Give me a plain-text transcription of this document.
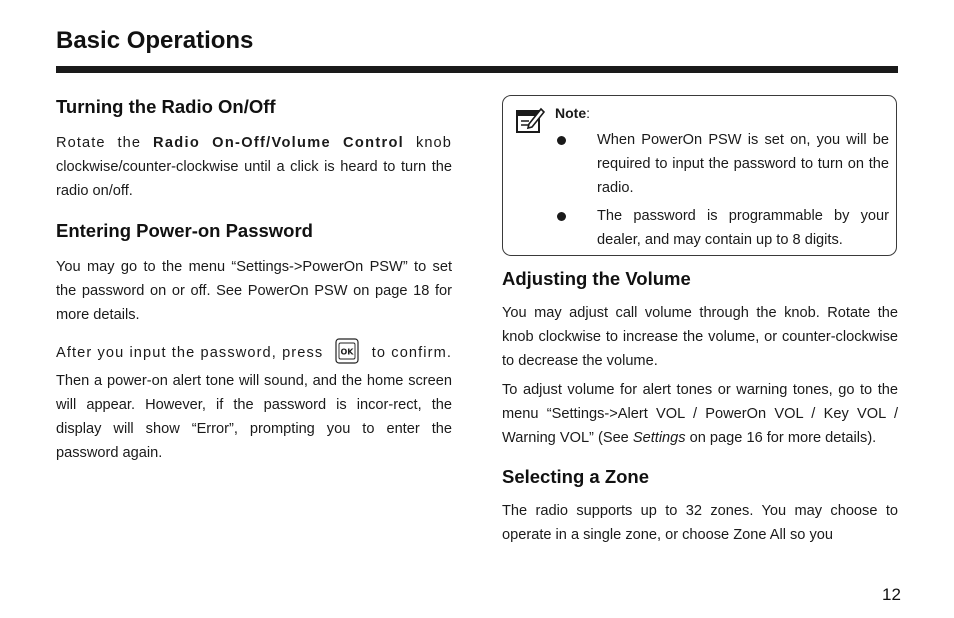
Basic Operations
Turning the Radio On/Off

Rotate the Radio On-Off/Volume Control knob clockwise/counter-clockwise until a click is heard to turn the radio on/off.

Entering Power-on Password

You may go to the menu “Settings->PowerOn PSW” to set the password on or off. See PowerOn PSW on page 18 for more details.

After you input the password, press OK to confirm.

Then a power-on alert tone will sound, and the home screen will appear. However, if the password is incor-rect, the display will show “Error”, prompting you to enter the password again.

Note:
When PowerOn PSW is set on, you will be required to input the password to turn on the radio.
The password is programmable by your dealer, and may contain up to 8 digits.
Adjusting the Volume

You may adjust call volume through the knob. Rotate the knob clockwise to increase the volume, or counter-clockwise to decrease the volume.

To adjust volume for alert tones or warning tones, go to the menu “Settings->Alert VOL / PowerOn VOL / Key VOL / Warning VOL” (See Settings on page 16 for more details).

Selecting a Zone

The radio supports up to 32 zones. You may choose to operate in a single zone, or choose Zone All so you

12
